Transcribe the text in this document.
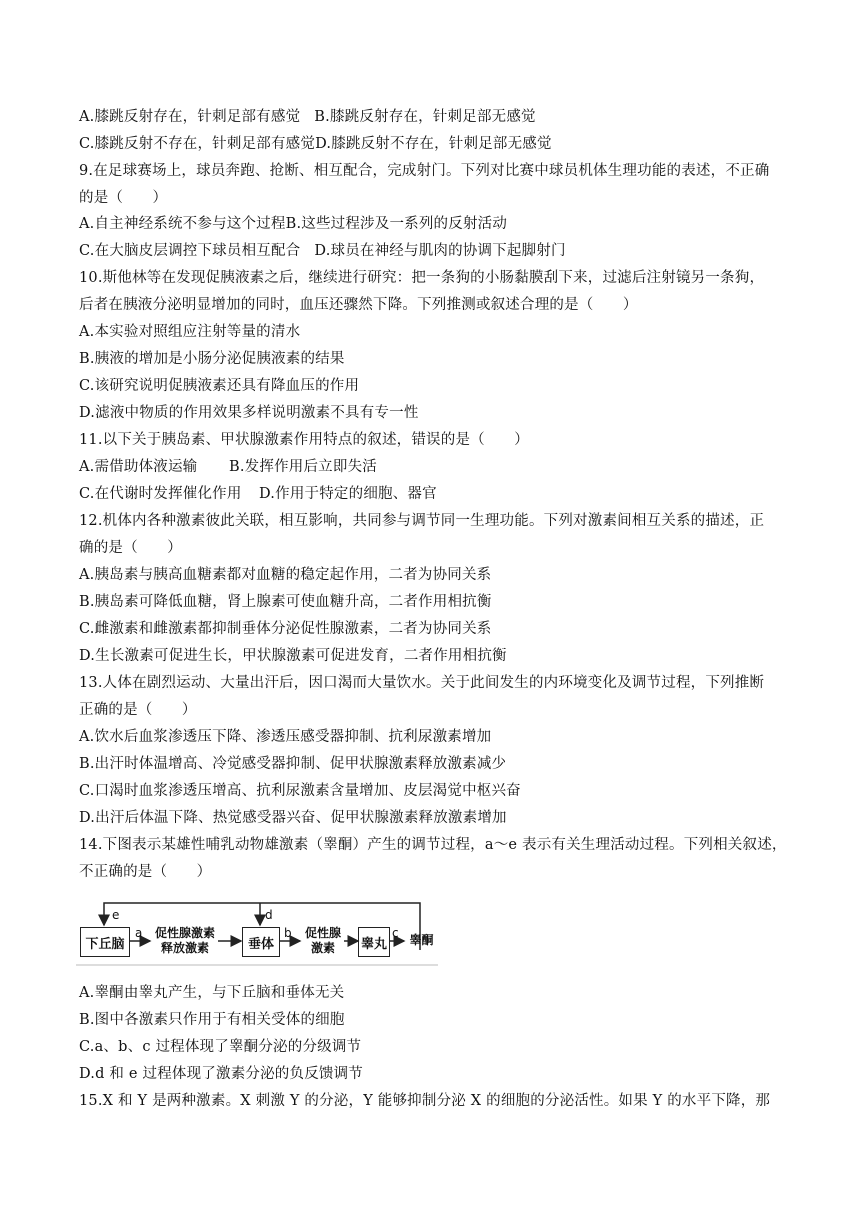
A.膝跳反射存在，针刺足部有感觉 B.膝跳反射存在，针刺足部无感觉
C.膝跳反射不存在，针刺足部有感觉D.膝跳反射不存在，针刺足部无感觉
9.在足球赛场上，球员奔跑、抢断、相互配合，完成射门。下列对比赛中球员机体生理功能的表述，不正确
的是（　　）
A.自主神经系统不参与这个过程B.这些过程涉及一系列的反射活动
C.在大脑皮层调控下球员相互配合 D.球员在神经与肌肉的协调下起脚射门
10.斯他林等在发现促胰液素之后，继续进行研究：把一条狗的小肠黏膜刮下来，过滤后注射镜另一条狗，
后者在胰液分泌明显增加的同时，血压还骤然下降。下列推测或叙述合理的是（　　）
A.本实验对照组应注射等量的清水
B.胰液的增加是小肠分泌促胰液素的结果
C.该研究说明促胰液素还具有降血压的作用
D.滤液中物质的作用效果多样说明激素不具有专一性
11.以下关于胰岛素、甲状腺激素作用特点的叙述，错误的是（　　）
A.需借助体液运输 B.发挥作用后立即失活
C.在代谢时发挥催化作用 D.作用于特定的细胞、器官
12.机体内各种激素彼此关联，相互影响，共同参与调节同一生理功能。下列对激素间相互关系的描述，正
确的是（　　）
A.胰岛素与胰高血糖素都对血糖的稳定起作用，二者为协同关系
B.胰岛素可降低血糖，肾上腺素可使血糖升高，二者作用相抗衡
C.雌激素和雌激素都抑制垂体分泌促性腺激素，二者为协同关系
D.生长激素可促进生长，甲状腺激素可促进发育，二者作用相抗衡
13.人体在剧烈运动、大量出汗后，因口渴而大量饮水。关于此间发生的内环境变化及调节过程，下列推断
正确的是（　　）
A.饮水后血浆渗透压下降、渗透压感受器抑制、抗利尿激素增加
B.出汗时体温增高、冷觉感受器抑制、促甲状腺激素释放激素减少
C.口渴时血浆渗透压增高、抗利尿激素含量增加、皮层渴觉中枢兴奋
D.出汗后体温下降、热觉感受器兴奋、促甲状腺激素释放激素增加
14.下图表示某雄性哺乳动物雄激素（睾酮）产生的调节过程，a～e 表示有关生理活动过程。下列相关叙述，
不正确的是（　　）
e	d
a	b	c
下丘脑
促性腺激素
释放激素	垂体
促性腺
激素	睾丸	睾酮
A.睾酮由睾丸产生，与下丘脑和垂体无关
B.图中各激素只作用于有相关受体的细胞
C.a、b、c 过程体现了睾酮分泌的分级调节
D.d 和 e 过程体现了激素分泌的负反馈调节
15.X 和 Y 是两种激素。X 刺激 Y 的分泌，Y 能够抑制分泌 X 的细胞的分泌活性。如果 Y 的水平下降，那
